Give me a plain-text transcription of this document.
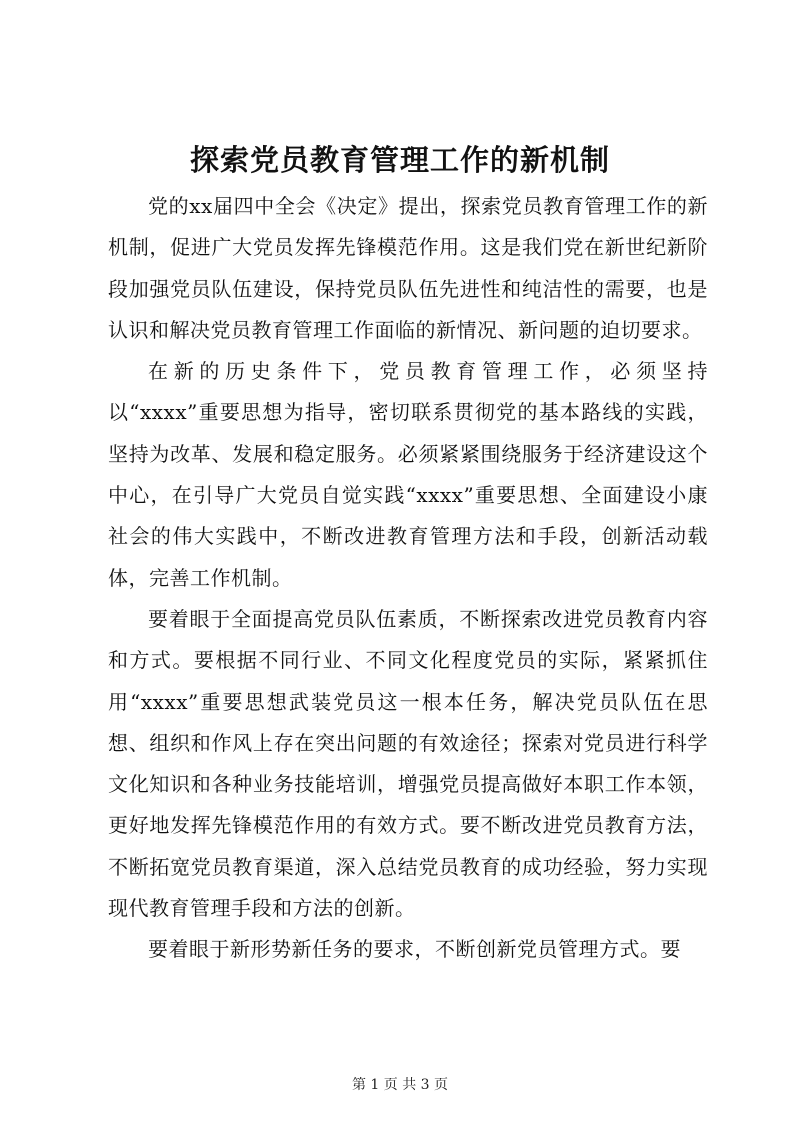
探索党员教育管理工作的新机制

党的xx届四中全会《决定》提出，探索党员教育管理工作的新机制，促进广大党员发挥先锋模范作用。这是我们党在新世纪新阶段加强党员队伍建设，保持党员队伍先进性和纯洁性的需要，也是认识和解决党员教育管理工作面临的新情况、新问题的迫切要求。

在新的历史条件下，党员教育管理工作，必须坚持以“xxxx”重要思想为指导，密切联系贯彻党的基本路线的实践，坚持为改革、发展和稳定服务。必须紧紧围绕服务于经济建设这个中心，在引导广大党员自觉实践“xxxx”重要思想、全面建设小康社会的伟大实践中，不断改进教育管理方法和手段，创新活动载体，完善工作机制。

要着眼于全面提高党员队伍素质，不断探索改进党员教育内容和方式。要根据不同行业、不同文化程度党员的实际，紧紧抓住用“xxxx”重要思想武装党员这一根本任务，解决党员队伍在思想、组织和作风上存在突出问题的有效途径；探索对党员进行科学文化知识和各种业务技能培训，增强党员提高做好本职工作本领，更好地发挥先锋模范作用的有效方式。要不断改进党员教育方法，不断拓宽党员教育渠道，深入总结党员教育的成功经验，努力实现现代教育管理手段和方法的创新。

要着眼于新形势新任务的要求，不断创新党员管理方式。要

第 1 页 共 3 页
